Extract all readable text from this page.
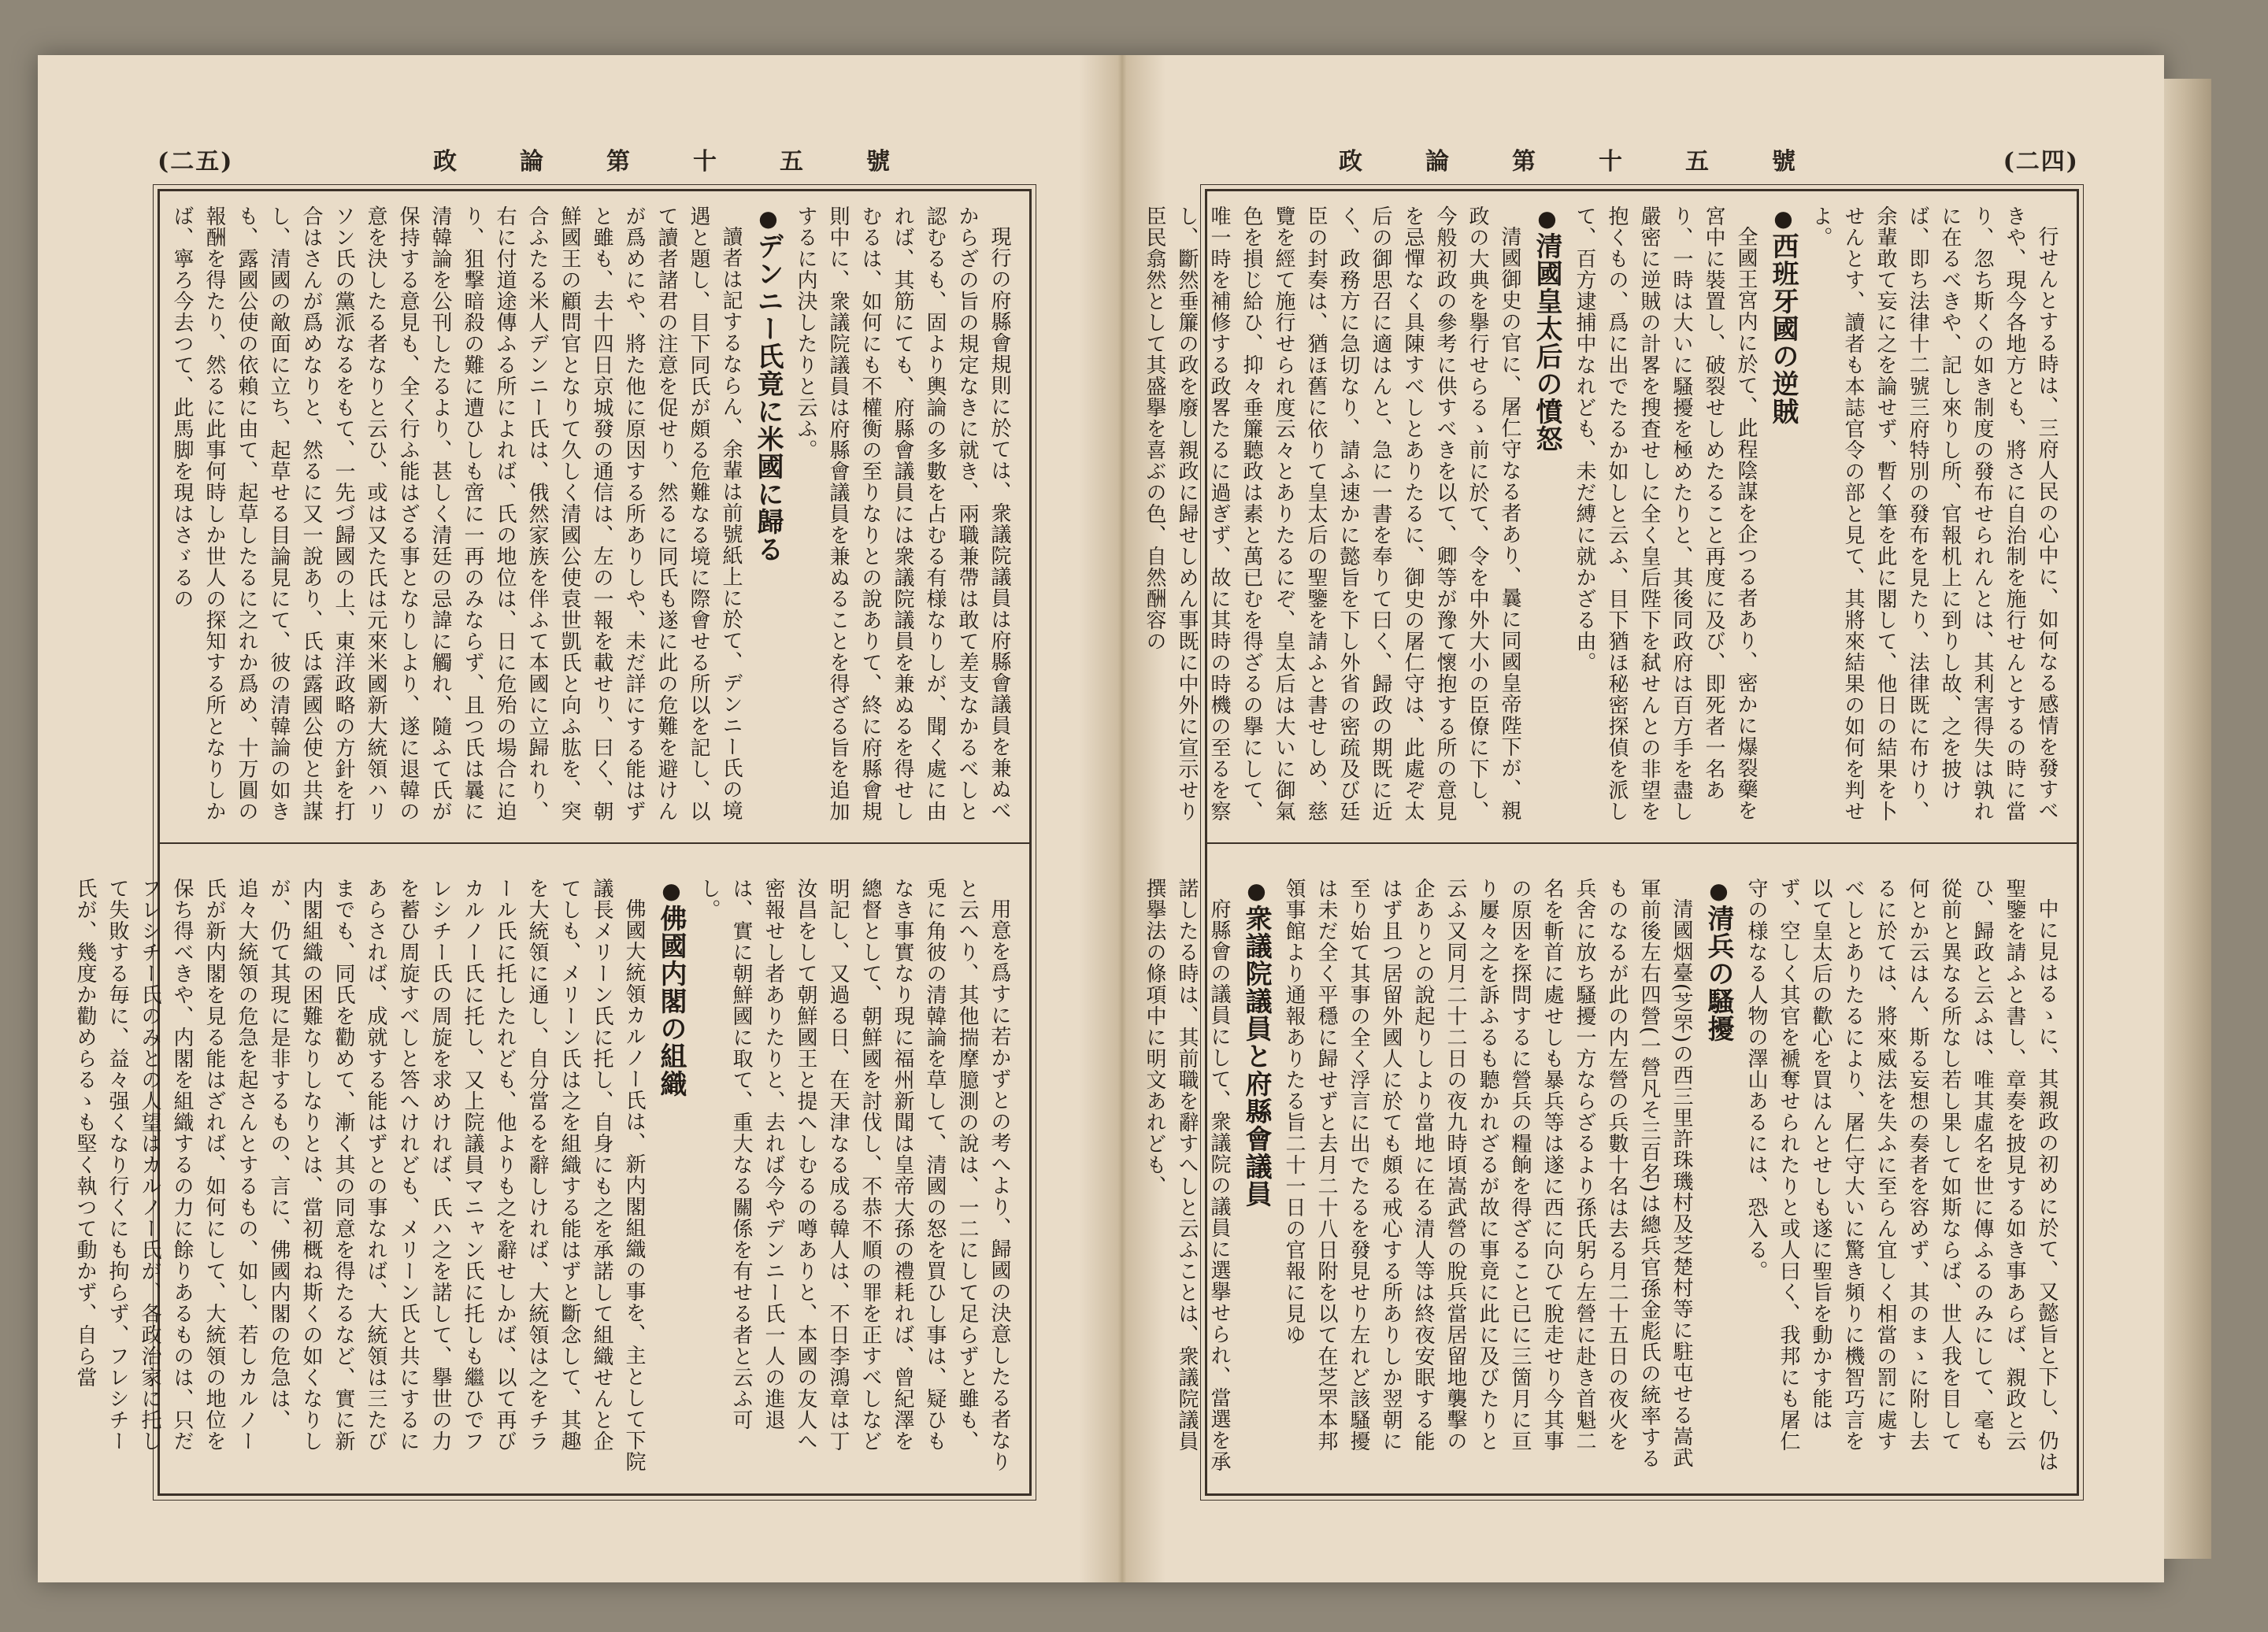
(二五)	政論第十五號

現行の府縣會規則に於ては、衆議院議員は府縣會議員を兼ぬべからざの旨の規定なきに就き、兩職兼帶は敢て差支なかるべしと認むるも、固より輿論の多數を占むる有様なりしが、聞く處に由れば、其筋にても、府縣會議員には衆議院議員を兼ぬるを得せしむるは、如何にも不權衡の至りなりとの說ありて、終に府縣會規則中に、衆議院議員は府縣會議員を兼ぬることを得ざる旨を追加するに内決したりと云ふ。

●デンニー氏竟に米國に歸る

讀者は記するならん、余輩は前號紙上に於て、デンニー氏の境遇と題し、目下同氏が頗る危難なる境に際會せる所以を記し、以て讀者諸君の注意を促せり、然るに同氏も遂に此の危難を避けんが爲めにや、將た他に原因する所ありしや、未だ詳にする能はずと雖も、去十四日京城發の通信は、左の一報を載せり、曰く、朝鮮國王の顧問官となりて久しく清國公使袁世凱氏と向ふ肱を、突合ふたる米人デンニー氏は、俄然家族を伴ふて本國に立歸れり、右に付道途傳ふる所によれば、氏の地位は、日に危殆の場合に迫り、狙撃暗殺の難に遭ひしも啻に一再のみならず、且つ氏は曩に清韓論を公刊したるより、甚しく清廷の忌諱に觸れ、隨ふて氏が保持する意見も、全く行ふ能はざる事となりしより、遂に退韓の意を決したる者なりと云ひ、或は又た氏は元來米國新大統領ハリソン氏の黨派なるをもて、一先づ歸國の上、東洋政略の方針を打合はさんが爲めなりと、然るに又一說あり、氏は露國公使と共謀し、清國の敵面に立ち、起草せる目論見にて、彼の清韓論の如きも、露國公使の依賴に由て、起草したるに之れか爲め、十万圓の報酬を得たり、然るに此事何時しか世人の探知する所となりしかば、寧ろ今去つて、此馬脚を現はさゞるの

用意を爲すに若かずとの考へより、歸國の決意したる者なりと云へり、其他揣摩臆測の說は、一二にして足らずと雖も、兎に角彼の清韓論を草して、清國の怒を買ひし事は、疑ひもなき事實なり現に福州新聞は皇帝大孫の禮耗れば、曾紀澤を總督として、朝鮮國を討伐し、不恭不順の罪を正すべしなど明記し、又過る日、在天津なる成る韓人は、不日李鴻章は丁汝昌をして朝鮮國王と提へしむるの噂ありと、本國の友人へ密報せし者ありたりと、去れば今やデンニー氏一人の進退は、實に朝鮮國に取て、重大なる關係を有せる者と云ふ可し。

●佛國内閣の組織

佛國大統領カルノー氏は、新内閣組織の事を、主として下院議長メリーン氏に托し、自身にも之を承諾して組織せんと企てしも、メリーン氏は之を組織する能はずと斷念して、其趣を大統領に通し、自分當るを辭しければ、大統領は之をチラール氏に托したれども、他よりも之を辭せしかば、以て再びカルノー氏に托し、又上院議員マニャン氏に托しも繼ひでフレシチー氏の周旋を求めければ、氏ハ之を諾して、擧世の力を蓄ひ周旋すべしと答へけれども、メリーン氏と共にするにあらされば、成就する能はずとの事なれば、大統領は三たびまでも、同氏を勸めて、漸く其の同意を得たるなど、實に新内閣組織の困難なりしなりとは、當初概ね斯くの如くなりしが、仍て其現に是非するもの、言に、佛國内閣の危急は、追々大統領の危急を起さんとするもの、如し、若しカルノー氏が新内閣を見る能はざれば、如何にして、大統領の地位を保ち得べきや、内閣を組織するの力に餘りあるものは、只だフレシチー氏のみとの人望はカルノー氏が、各政治家に托して失敗する毎に、益々强くなり行くにも拘らず、フレシチー氏が、幾度か勸めらるゝも堅く執つて動かず、自ら當

(二四)
政論第十五號

行せんとする時は、三府人民の心中に、如何なる感情を發すべきや、現今各地方とも、將さに自治制を施行せんとするの時に當り、忽ち斯くの如き制度の發布せられんとは、其利害得失は孰れに在るべきや、記し來りし所、官報机上に到りし故、之を披けば、即ち法律十二號三府特別の發布を見たり、法律既に布けり、余輩敢て妄に之を論せず、暫く筆を此に閣して、他日の結果を卜せんとす、讀者も本誌官令の部と見て、其將來結果の如何を判せよ。

●西班牙國の逆賊

全國王宮内に於て、此程陰謀を企つる者あり、密かに爆裂藥を宮中に裝置し、破裂せしめたること再度に及び、即死者一名あり、一時は大いに騷擾を極めたりと、其後同政府は百方手を盡し嚴密に逆賊の計畧を搜査せしに全く皇后陛下を弑せんとの非望を抱くもの、爲に出でたるか如しと云ふ、目下猶ほ秘密探偵を派して、百方逮捕中なれども、未だ縛に就かざる由。

●清國皇太后の憤怒

清國御史の官に、屠仁守なる者あり、曩に同國皇帝陛下が、親政の大典を擧行せらるゝ前に於て、令を中外大小の臣僚に下し、今般初政の參考に供すべきを以て、卿等が豫て懷抱する所の意見を忌憚なく具陳すべしとありたるに、御史の屠仁守は、此處ぞ太后の御思召に適はんと、急に一書を奉りて曰く、歸政の期既に近く、政務方に急切なり、請ふ速かに懿旨を下し外省の密疏及び廷臣の封奏は、猶ほ舊に依りて皇太后の聖鑒を請ふと書せしめ、慈覽を經て施行せられ度云々とありたるにぞ、皇太后は大いに御氣色を損じ給ひ、抑々垂簾聽政は素と萬已むを得ざるの擧にして、唯一時を補修する政畧たるに過ぎず、故に其時の時機の至るを察し、斷然垂簾の政を廢し親政に歸せしめん事既に中外に宣示せり臣民翕然として其盛擧を喜ぶの色、自然酬容の

中に見はるゝに、其親政の初めに於て、又懿旨と下し、仍は聖鑒を請ふと書し、章奏を披見する如き事あらば、親政と云ひ、歸政と云ふは、唯其虛名を世に傳ふるのみにして、毫も從前と異なる所なし若し果して如斯ならば、世人我を目して何とか云はん、斯る妄想の奏者を容めず、其のまゝに附し去るに於ては、將來威法を失ふに至らん宜しく相當の罰に處すべしとありたるにより、屠仁守大いに驚き頻りに機智巧言を以て皇太后の歡心を買はんとせしも遂に聖旨を動かす能はず、空しく其官を褫奪せられたりと或人曰く、我邦にも屠仁守の様なる人物の澤山あるには、恐入る。

●清兵の騷擾

清國烟臺(芝罘)の西三里許珠璣村及芝楚村等に駐屯せる嵩武軍前後左右四營(一營凡そ三百名)は總兵官孫金彪氏の統率するものなるが此の内左營の兵數十名は去る月二十五日の夜火を兵舍に放ち騷擾一方ならざるより孫氏躬ら左營に赴き首魁二名を斬首に處せしも暴兵等は遂に西に向ひて脫走せり今其事の原因を探問するに營兵の糧餉を得ざること已に三箇月に亘り屢々之を訴ふるも聽かれざるが故に事竟に此に及びたりと云ふ又同月二十二日の夜九時頃嵩武營の脫兵當居留地襲擊の企ありとの說起りしより當地に在る清人等は終夜安眠する能はず且つ居留外國人に於ても頗る戒心する所ありしか翌朝に至り始て其事の全く浮言に出でたるを發見せり左れど該騷擾は未だ全く平穩に歸せずと去月二十八日附を以て在芝罘本邦領事館より通報ありたる旨二十一日の官報に見ゆ

●衆議院議員と府縣會議員

府縣會の議員にして、衆議院の議員に選擧せられ、當選を承諾したる時は、其前職を辭すへしと云ふことは、衆議院議員撰擧法の條項中に明文あれども、
